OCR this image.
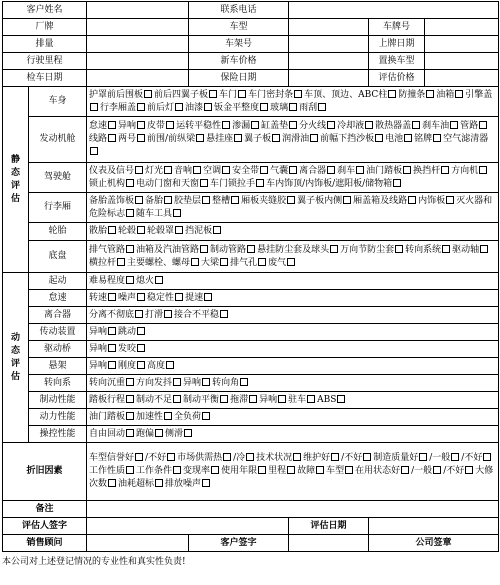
客户姓名			联系电话			
厂牌			车型		车牌号	
排量			车架号		上牌日期	
行驶里程			新车价格		置换车型	
检车日期			保险日期		评估价格	

静
态
评
估	车身	护罩前后围板 前后四翼子板 车门 车门密封条 车顶、顶边、ABC柱 防撞条 油箱 引擎盖行李厢盖 前后灯 油漆 钣金平整度 玻璃 雨刮				
	发动机舱	怠速 异响 皮带 运转平稳性 渗漏 缸盖垫 分火线 冷却液 散热器盖 刹车油 管路线路 两号 前围/前纵梁 悬挂座 翼子板 润滑油 前幅下挡沙板 电池 铭牌 空气滤清器				
	驾驶舱	仪表及信号 灯光 音响 空调 安全带 气囊 离合器 刹车 油门踏板 换挡杆 方向机锁止机构 电动门窗和天窗 车门锁拉手 车内饰顶/内饰板/遮阳板/储物箱				
	行李厢	备胎盖饰板 备胎 胶垫层 整槽 厢板夹缝胶 翼子板内侧 厢盖箱及线路 内饰板 灭火器和危险标志 随车工具				
	轮胎	散胎 轮毂 轮毂罩 挡泥板				
	底盘	排气管路 油箱及汽油管路 制动管路 悬挂防尘套及球头 万向节防尘套 转向系统 驱动轴横拉杆 主要螺栓、螺母 大梁 排气孔 废气				

动
态
评
估	起动	难易程度 熄火				
	怠速	转速 噪声 稳定性 提速				
	离合器	分离不彻底 打滑 接合不平稳				
	传动装置	异响 跳动				
	驱动桥	异响 发咬				
	悬架	异响 刚度 高度				
	转向系	转向沉重 方向发抖 异响 转向角				
	制动性能	踏板行程 制动不足 制动平衡 拖滞 异响 驻车 ABS				
	动力性能	油门踏板 加速性 全负荷				
	操控性能	自由回动 跑偏 侧滑				
折旧因素		车型信誉好 /不好 市场供需热 /冷 技术状况 维护好 /不好 制造质量好 /一般 /不好工作性质 工作条件 变现率 使用年限 里程 故障 车型 在用状态好 /一般 /不好 大修次数 油耗超标 排放噪声				
备注						
评估人签字				评估日期		
销售顾问			客户签字		公司签章	
本公司对上述登记情况的专业性和真实性负责!
